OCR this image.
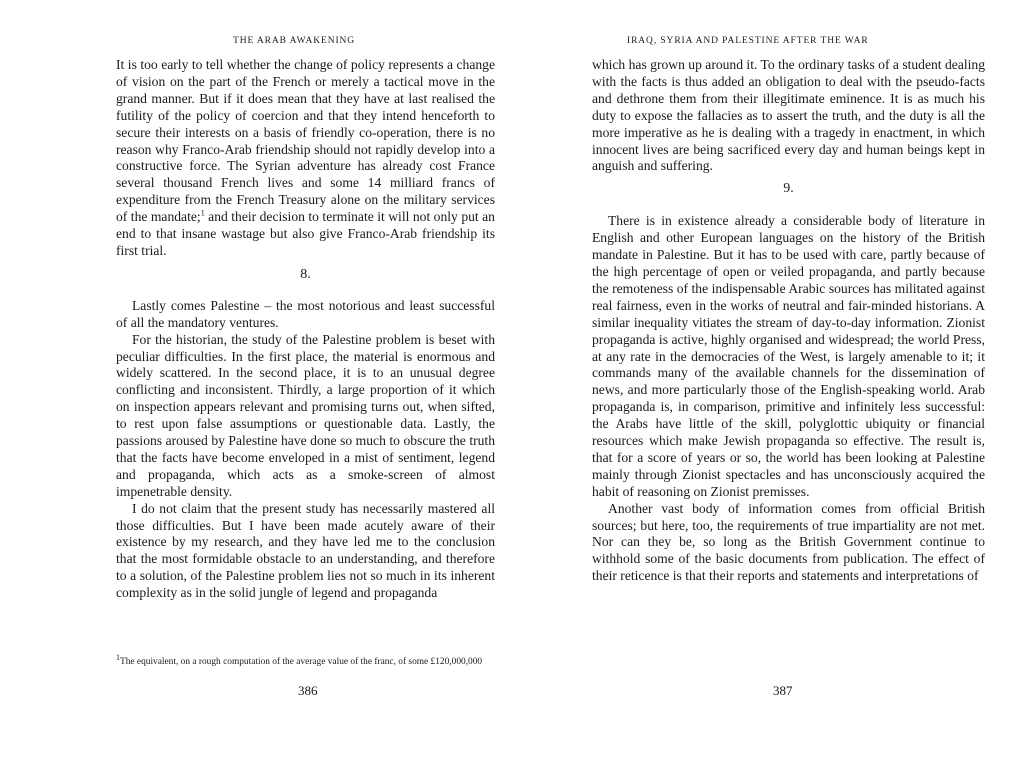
THE ARAB AWAKENING

It is too early to tell whether the change of policy represents a change of vision on the part of the French or merely a tactical move in the grand manner. But if it does mean that they have at last realised the futility of the policy of coercion and that they intend henceforth to secure their interests on a basis of friendly co-operation, there is no reason why Franco-Arab friendship should not rapidly develop into a constructive force. The Syrian adventure has already cost France several thousand French lives and some 14 milliard francs of expenditure from the French Treasury alone on the military services of the mandate;$^1$ and their decision to terminate it will not only put an end to that insane wastage but also give Franco-Arab friendship its first trial.

8.

Lastly comes Palestine – the most notorious and least successful of all the mandatory ventures.

For the historian, the study of the Palestine problem is beset with peculiar difficulties. In the first place, the material is enormous and widely scattered. In the second place, it is to an unusual degree conflicting and inconsistent. Thirdly, a large proportion of it which on inspection appears relevant and promising turns out, when sifted, to rest upon false assumptions or questionable data. Lastly, the passions aroused by Palestine have done so much to obscure the truth that the facts have become enveloped in a mist of sentiment, legend and propaganda, which acts as a smoke-screen of almost impenetrable density.

I do not claim that the present study has necessarily mastered all those difficulties. But I have been made acutely aware of their existence by my research, and they have led me to the conclusion that the most formidable obstacle to an understanding, and therefore to a solution, of the Palestine problem lies not so much in its inherent complexity as in the solid jungle of legend and propaganda

$^1$The equivalent, on a rough computation of the average value of the franc, of some £120,000,000
386
IRAQ, SYRIA AND PALESTINE AFTER THE WAR

which has grown up around it. To the ordinary tasks of a student dealing with the facts is thus added an obligation to deal with the pseudo-facts and dethrone them from their illegitimate eminence. It is as much his duty to expose the fallacies as to assert the truth, and the duty is all the more imperative as he is dealing with a tragedy in enactment, in which innocent lives are being sacrificed every day and human beings kept in anguish and suffering.

9.

There is in existence already a considerable body of literature in English and other European languages on the history of the British mandate in Palestine. But it has to be used with care, partly because of the high percentage of open or veiled propaganda, and partly because the remoteness of the indispensable Arabic sources has militated against real fairness, even in the works of neutral and fair-minded historians. A similar inequality vitiates the stream of day-to-day information. Zionist propaganda is active, highly organised and widespread; the world Press, at any rate in the democracies of the West, is largely amenable to it; it commands many of the available channels for the dissemination of news, and more particularly those of the English-speaking world. Arab propaganda is, in comparison, primitive and infinitely less successful: the Arabs have little of the skill, polyglottic ubiquity or financial resources which make Jewish propaganda so effective. The result is, that for a score of years or so, the world has been looking at Palestine mainly through Zionist spectacles and has unconsciously acquired the habit of reasoning on Zionist premisses.

Another vast body of information comes from official British sources; but here, too, the requirements of true impartiality are not met. Nor can they be, so long as the British Government continue to withhold some of the basic documents from publication. The effect of their reticence is that their reports and statements and interpretations of

387
